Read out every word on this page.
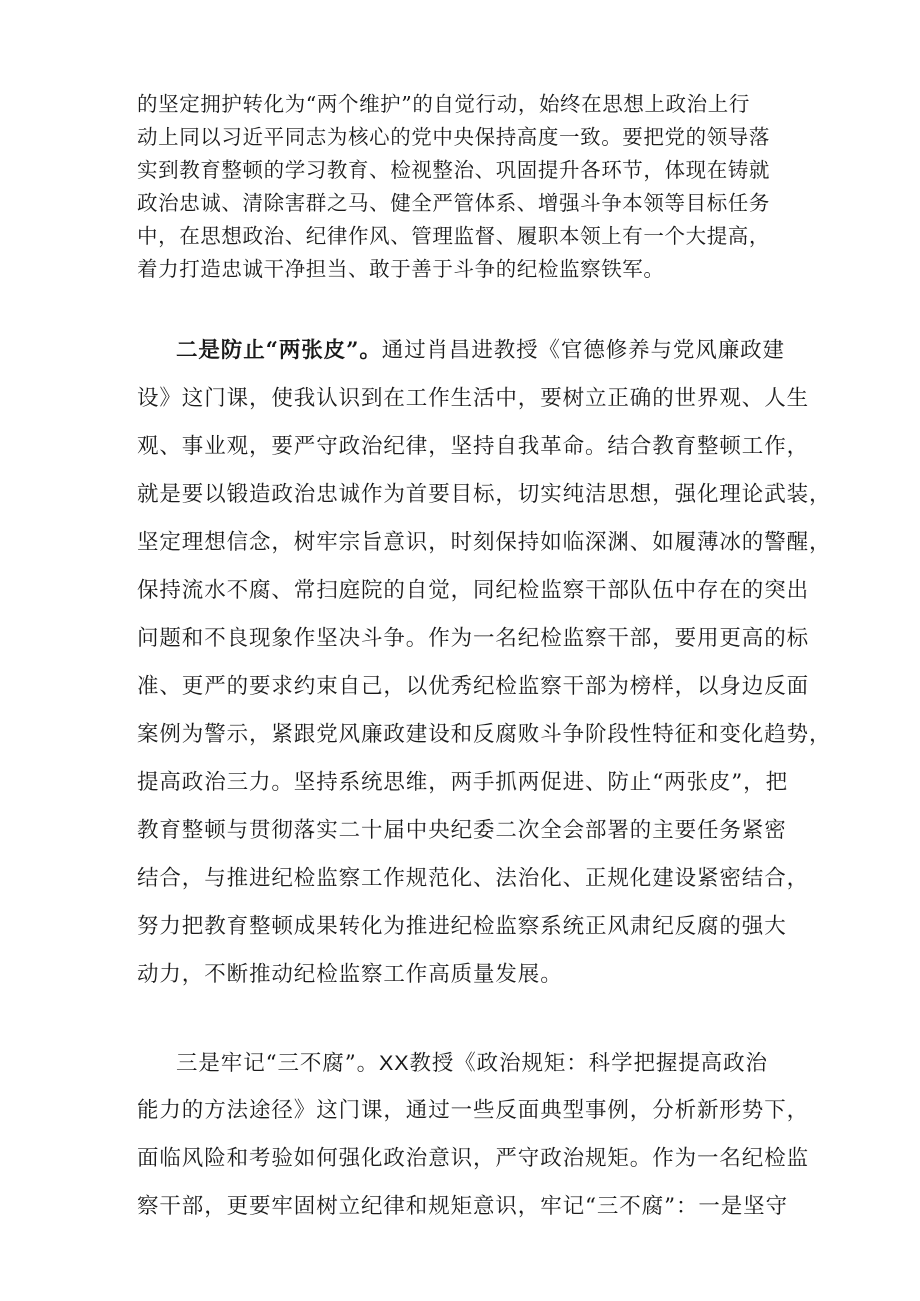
的坚定拥护转化为“两个维护”的自觉行动，始终在思想上政治上行
动上同以习近平同志为核心的党中央保持高度一致。要把党的领导落
实到教育整顿的学习教育、检视整治、巩固提升各环节，体现在铸就
政治忠诚、清除害群之马、健全严管体系、增强斗争本领等目标任务
中，在思想政治、纪律作风、管理监督、履职本领上有一个大提高，
着力打造忠诚干净担当、敢于善于斗争的纪检监察铁军。
二是防止“两张皮”。通过肖昌进教授《官德修养与党风廉政建
设》这门课，使我认识到在工作生活中，要树立正确的世界观、人生
观、事业观，要严守政治纪律，坚持自我革命。结合教育整顿工作，
就是要以锻造政治忠诚作为首要目标，切实纯洁思想，强化理论武装，
坚定理想信念，树牢宗旨意识，时刻保持如临深渊、如履薄冰的警醒，
保持流水不腐、常扫庭院的自觉，同纪检监察干部队伍中存在的突出
问题和不良现象作坚决斗争。作为一名纪检监察干部，要用更高的标
准、更严的要求约束自己，以优秀纪检监察干部为榜样，以身边反面
案例为警示，紧跟党风廉政建设和反腐败斗争阶段性特征和变化趋势，
提高政治三力。坚持系统思维，两手抓两促进、防止“两张皮”，把
教育整顿与贯彻落实二十届中央纪委二次全会部署的主要任务紧密
结合，与推进纪检监察工作规范化、法治化、正规化建设紧密结合，
努力把教育整顿成果转化为推进纪检监察系统正风肃纪反腐的强大
动力，不断推动纪检监察工作高质量发展。
三是牢记“三不腐”。XX教授《政治规矩：科学把握提高政治
能力的方法途径》这门课，通过一些反面典型事例，分析新形势下，
面临风险和考验如何强化政治意识，严守政治规矩。作为一名纪检监
察干部，更要牢固树立纪律和规矩意识，牢记“三不腐”：一是坚守
